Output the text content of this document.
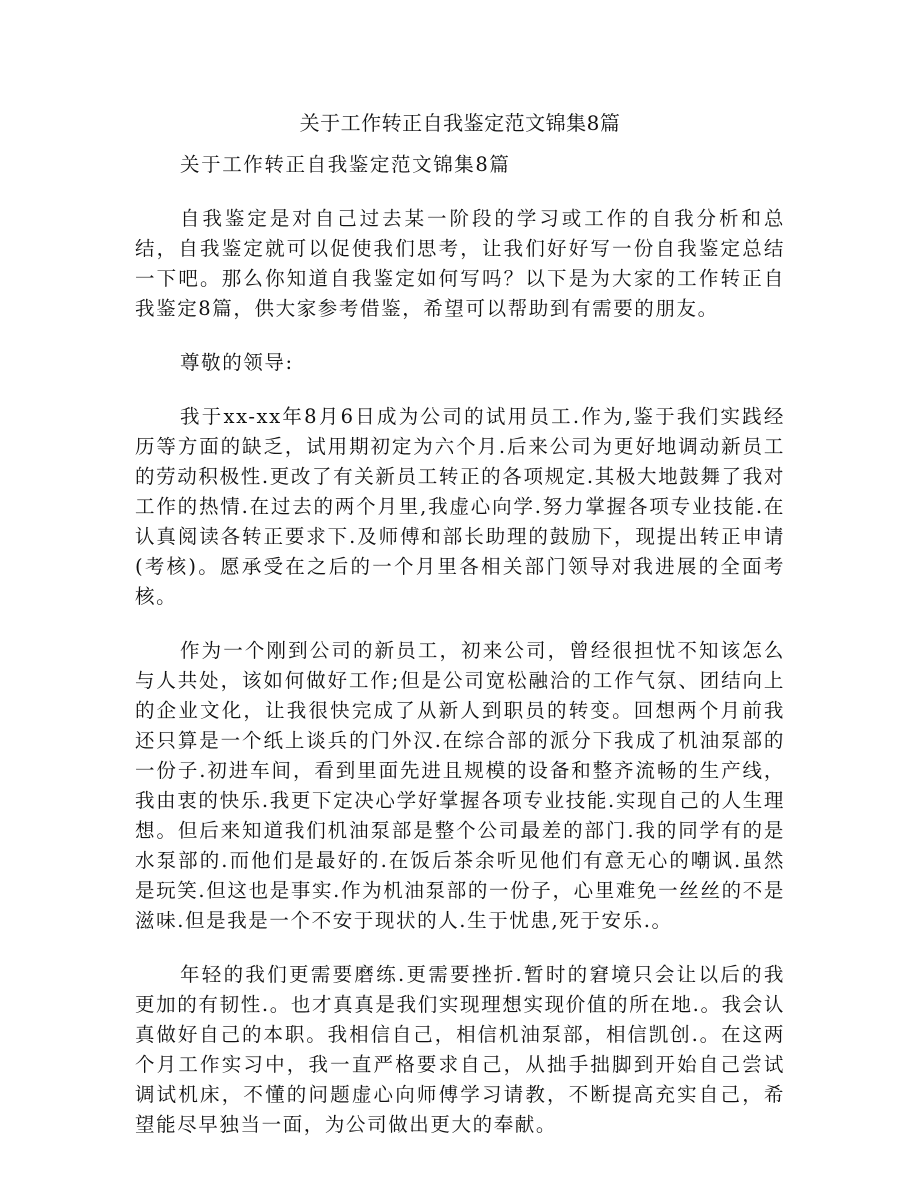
关于工作转正自我鉴定范文锦集8篇

关于工作转正自我鉴定范文锦集8篇

自我鉴定是对自己过去某一阶段的学习或工作的自我分析和总结，自我鉴定就可以促使我们思考，让我们好好写一份自我鉴定总结一下吧。那么你知道自我鉴定如何写吗？以下是为大家的工作转正自我鉴定8篇，供大家参考借鉴，希望可以帮助到有需要的朋友。

尊敬的领导:

我于xx-xx年8月6日成为公司的试用员工.作为,鉴于我们实践经历等方面的缺乏，试用期初定为六个月.后来公司为更好地调动新员工的劳动积极性.更改了有关新员工转正的各项规定.其极大地鼓舞了我对工作的热情.在过去的两个月里,我虚心向学.努力掌握各项专业技能.在认真阅读各转正要求下.及师傅和部长助理的鼓励下，现提出转正申请(考核)。愿承受在之后的一个月里各相关部门领导对我进展的全面考核。

作为一个刚到公司的新员工，初来公司，曾经很担忧不知该怎么与人共处，该如何做好工作;但是公司宽松融洽的工作气氛、团结向上的企业文化，让我很快完成了从新人到职员的转变。回想两个月前我还只算是一个纸上谈兵的门外汉.在综合部的派分下我成了机油泵部的一份子.初进车间，看到里面先进且规模的设备和整齐流畅的生产线，我由衷的快乐.我更下定决心学好掌握各项专业技能.实现自己的人生理想。但后来知道我们机油泵部是整个公司最差的部门.我的同学有的是水泵部的.而他们是最好的.在饭后茶余听见他们有意无心的嘲讽.虽然是玩笑.但这也是事实.作为机油泵部的一份子，心里难免一丝丝的不是滋味.但是我是一个不安于现状的人.生于忧患,死于安乐.。

年轻的我们更需要磨练.更需要挫折.暂时的窘境只会让以后的我更加的有韧性.。也才真真是我们实现理想实现价值的所在地.。我会认真做好自己的本职。我相信自己，相信机油泵部，相信凯创.。在这两个月工作实习中，我一直严格要求自己，从拙手拙脚到开始自己尝试调试机床，不懂的问题虚心向师傅学习请教，不断提高充实自己，希望能尽早独当一面，为公司做出更大的奉献。
